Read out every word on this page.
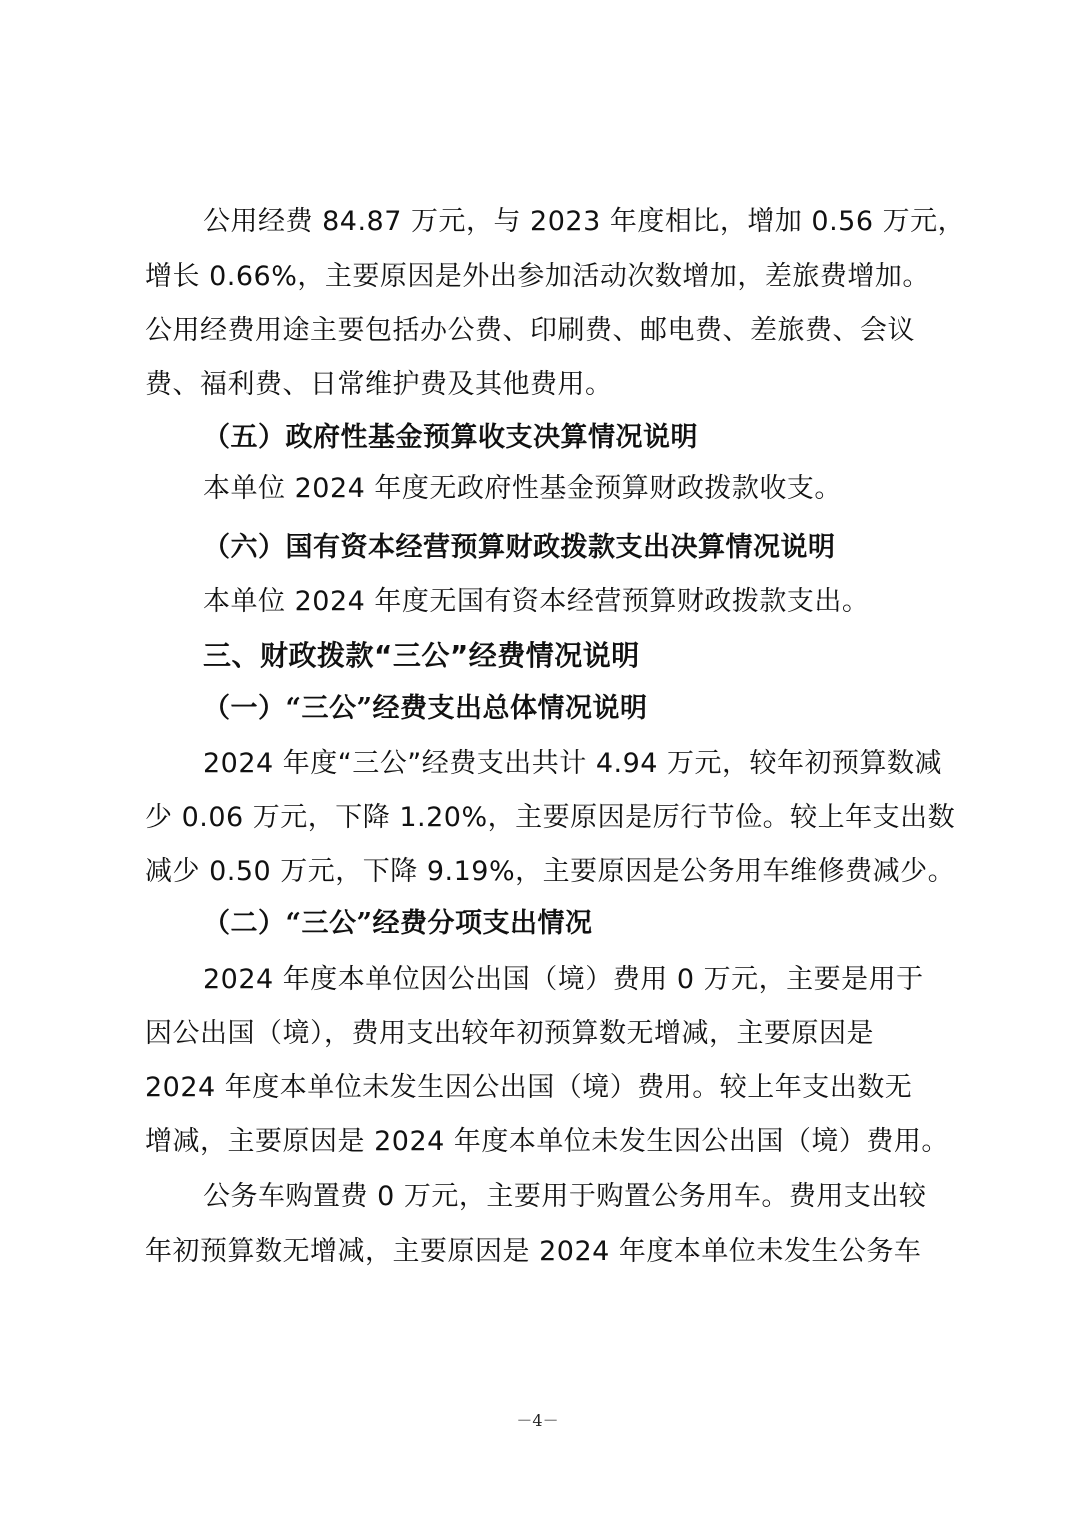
公用经费 84.87 万元，与 2023 年度相比，增加 0.56 万元，
增长 0.66%，主要原因是外出参加活动次数增加，差旅费增加。
公用经费用途主要包括办公费、印刷费、邮电费、差旅费、会议
费、福利费、日常维护费及其他费用。
（五）政府性基金预算收支决算情况说明
本单位 2024 年度无政府性基金预算财政拨款收支。
（六）国有资本经营预算财政拨款支出决算情况说明
本单位 2024 年度无国有资本经营预算财政拨款支出。
三、财政拨款“三公”经费情况说明
（一）“三公”经费支出总体情况说明
2024 年度“三公”经费支出共计 4.94 万元，较年初预算数减
少 0.06 万元，下降 1.20%，主要原因是厉行节俭。较上年支出数
减少 0.50 万元，下降 9.19%，主要原因是公务用车维修费减少。
（二）“三公”经费分项支出情况
2024 年度本单位因公出国（境）费用 0 万元，主要是用于
因公出国（境），费用支出较年初预算数无增减，主要原因是
2024 年度本单位未发生因公出国（境）费用。较上年支出数无
增减，主要原因是 2024 年度本单位未发生因公出国（境）费用。
公务车购置费 0 万元，主要用于购置公务用车。费用支出较
年初预算数无增减，主要原因是 2024 年度本单位未发生公务车
－4－
